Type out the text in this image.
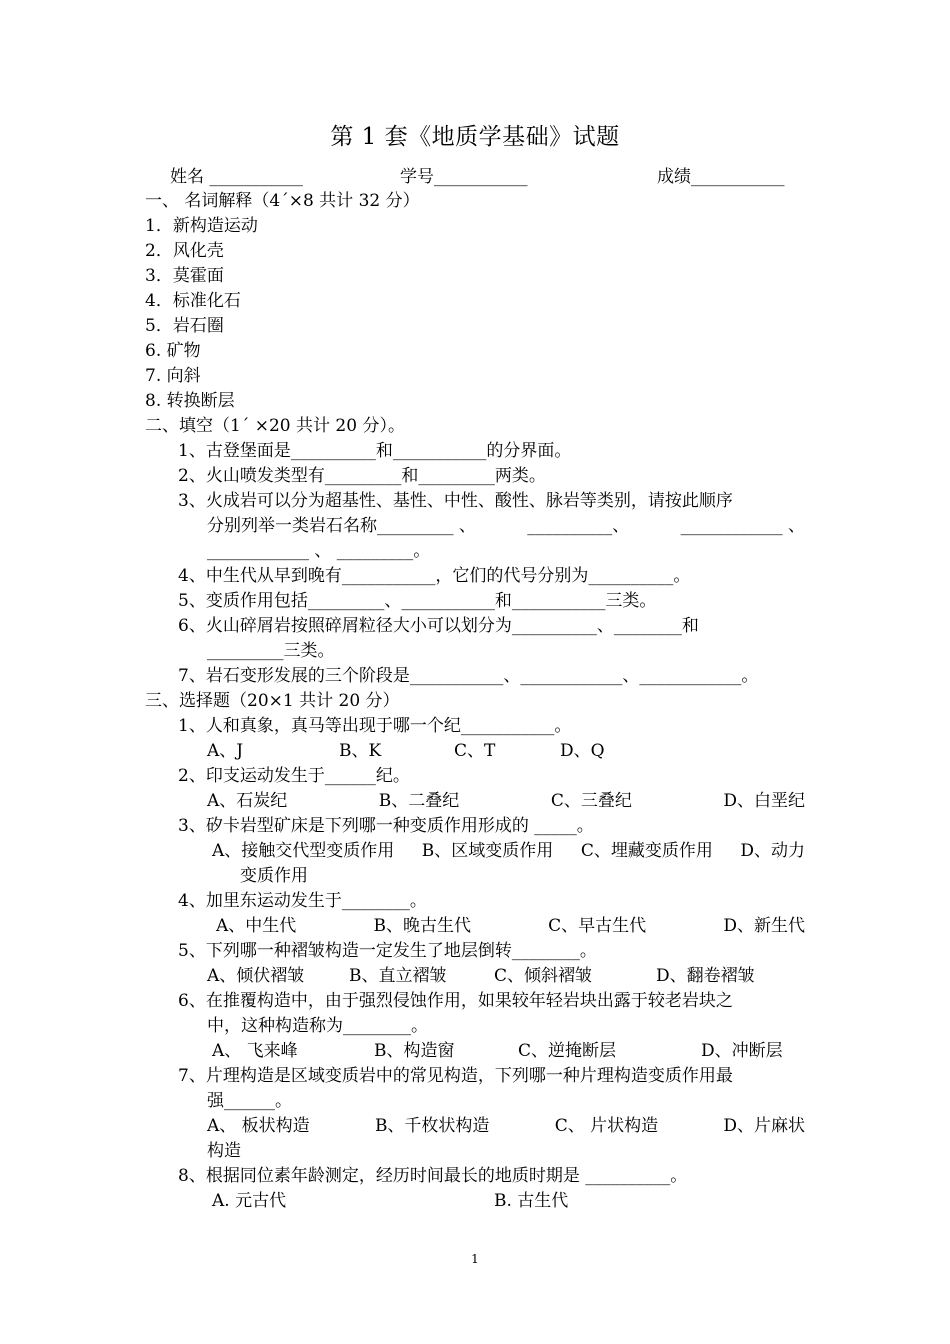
第 1 套《地质学基础》试题
姓名 ___________	学号___________	成绩___________
一、 名词解释（4´×8 共计 32 分）
1．新构造运动
2．风化壳
3．莫霍面
4．标准化石
5．岩石圈
6. 矿物
7. 向斜
8. 转换断层
二、填空（1´ ×20 共计 20 分）。
1、古登堡面是__________和___________的分界面。
2、火山喷发类型有_________和_________两类。
3、火成岩可以分为超基性、基性、中性、酸性、脉岩等类别，请按此顺序
分别列举一类岩石名称_________ 、	__________、	____________ 、
____________ 、 _________。
4、中生代从早到晚有___________，它们的代号分别为__________。
5、变质作用包括_________、___________和___________三类。
6、火山碎屑岩按照碎屑粒径大小可以划分为__________、________和
_________三类。
7、岩石变形发展的三个阶段是___________、____________、____________。
三、选择题（20×1 共计 20 分）
1、人和真象，真马等出现于哪一个纪___________。
A、J	B、K	C、T	D、Q
2、印支运动发生于______纪。
A、石炭纪	B、二叠纪	C、三叠纪	D、白垩纪
3、矽卡岩型矿床是下列哪一种变质作用形成的 _____。
A、接触交代型变质作用 B、区域变质作用 C、埋藏变质作用 D、动力
变质作用
4、加里东运动发生于________。
A、中生代	B、晚古生代	C、早古生代	D、新生代
5、下列哪一种褶皱构造一定发生了地层倒转________。
A、倾伏褶皱	B、直立褶皱	C、倾斜褶皱	D、翻卷褶皱
6、在推覆构造中，由于强烈侵蚀作用，如果较年轻岩块出露于较老岩块之
中，这种构造称为________。
A、 飞来峰	B、构造窗	C、逆掩断层	D、冲断层
7、片理构造是区域变质岩中的常见构造，下列哪一种片理构造变质作用最
强______。
A、 板状构造	B、千枚状构造	C、 片状构造	D、片麻状
构造
8、根据同位素年龄测定，经历时间最长的地质时期是 __________。
A. 元古代	B. 古生代
1
